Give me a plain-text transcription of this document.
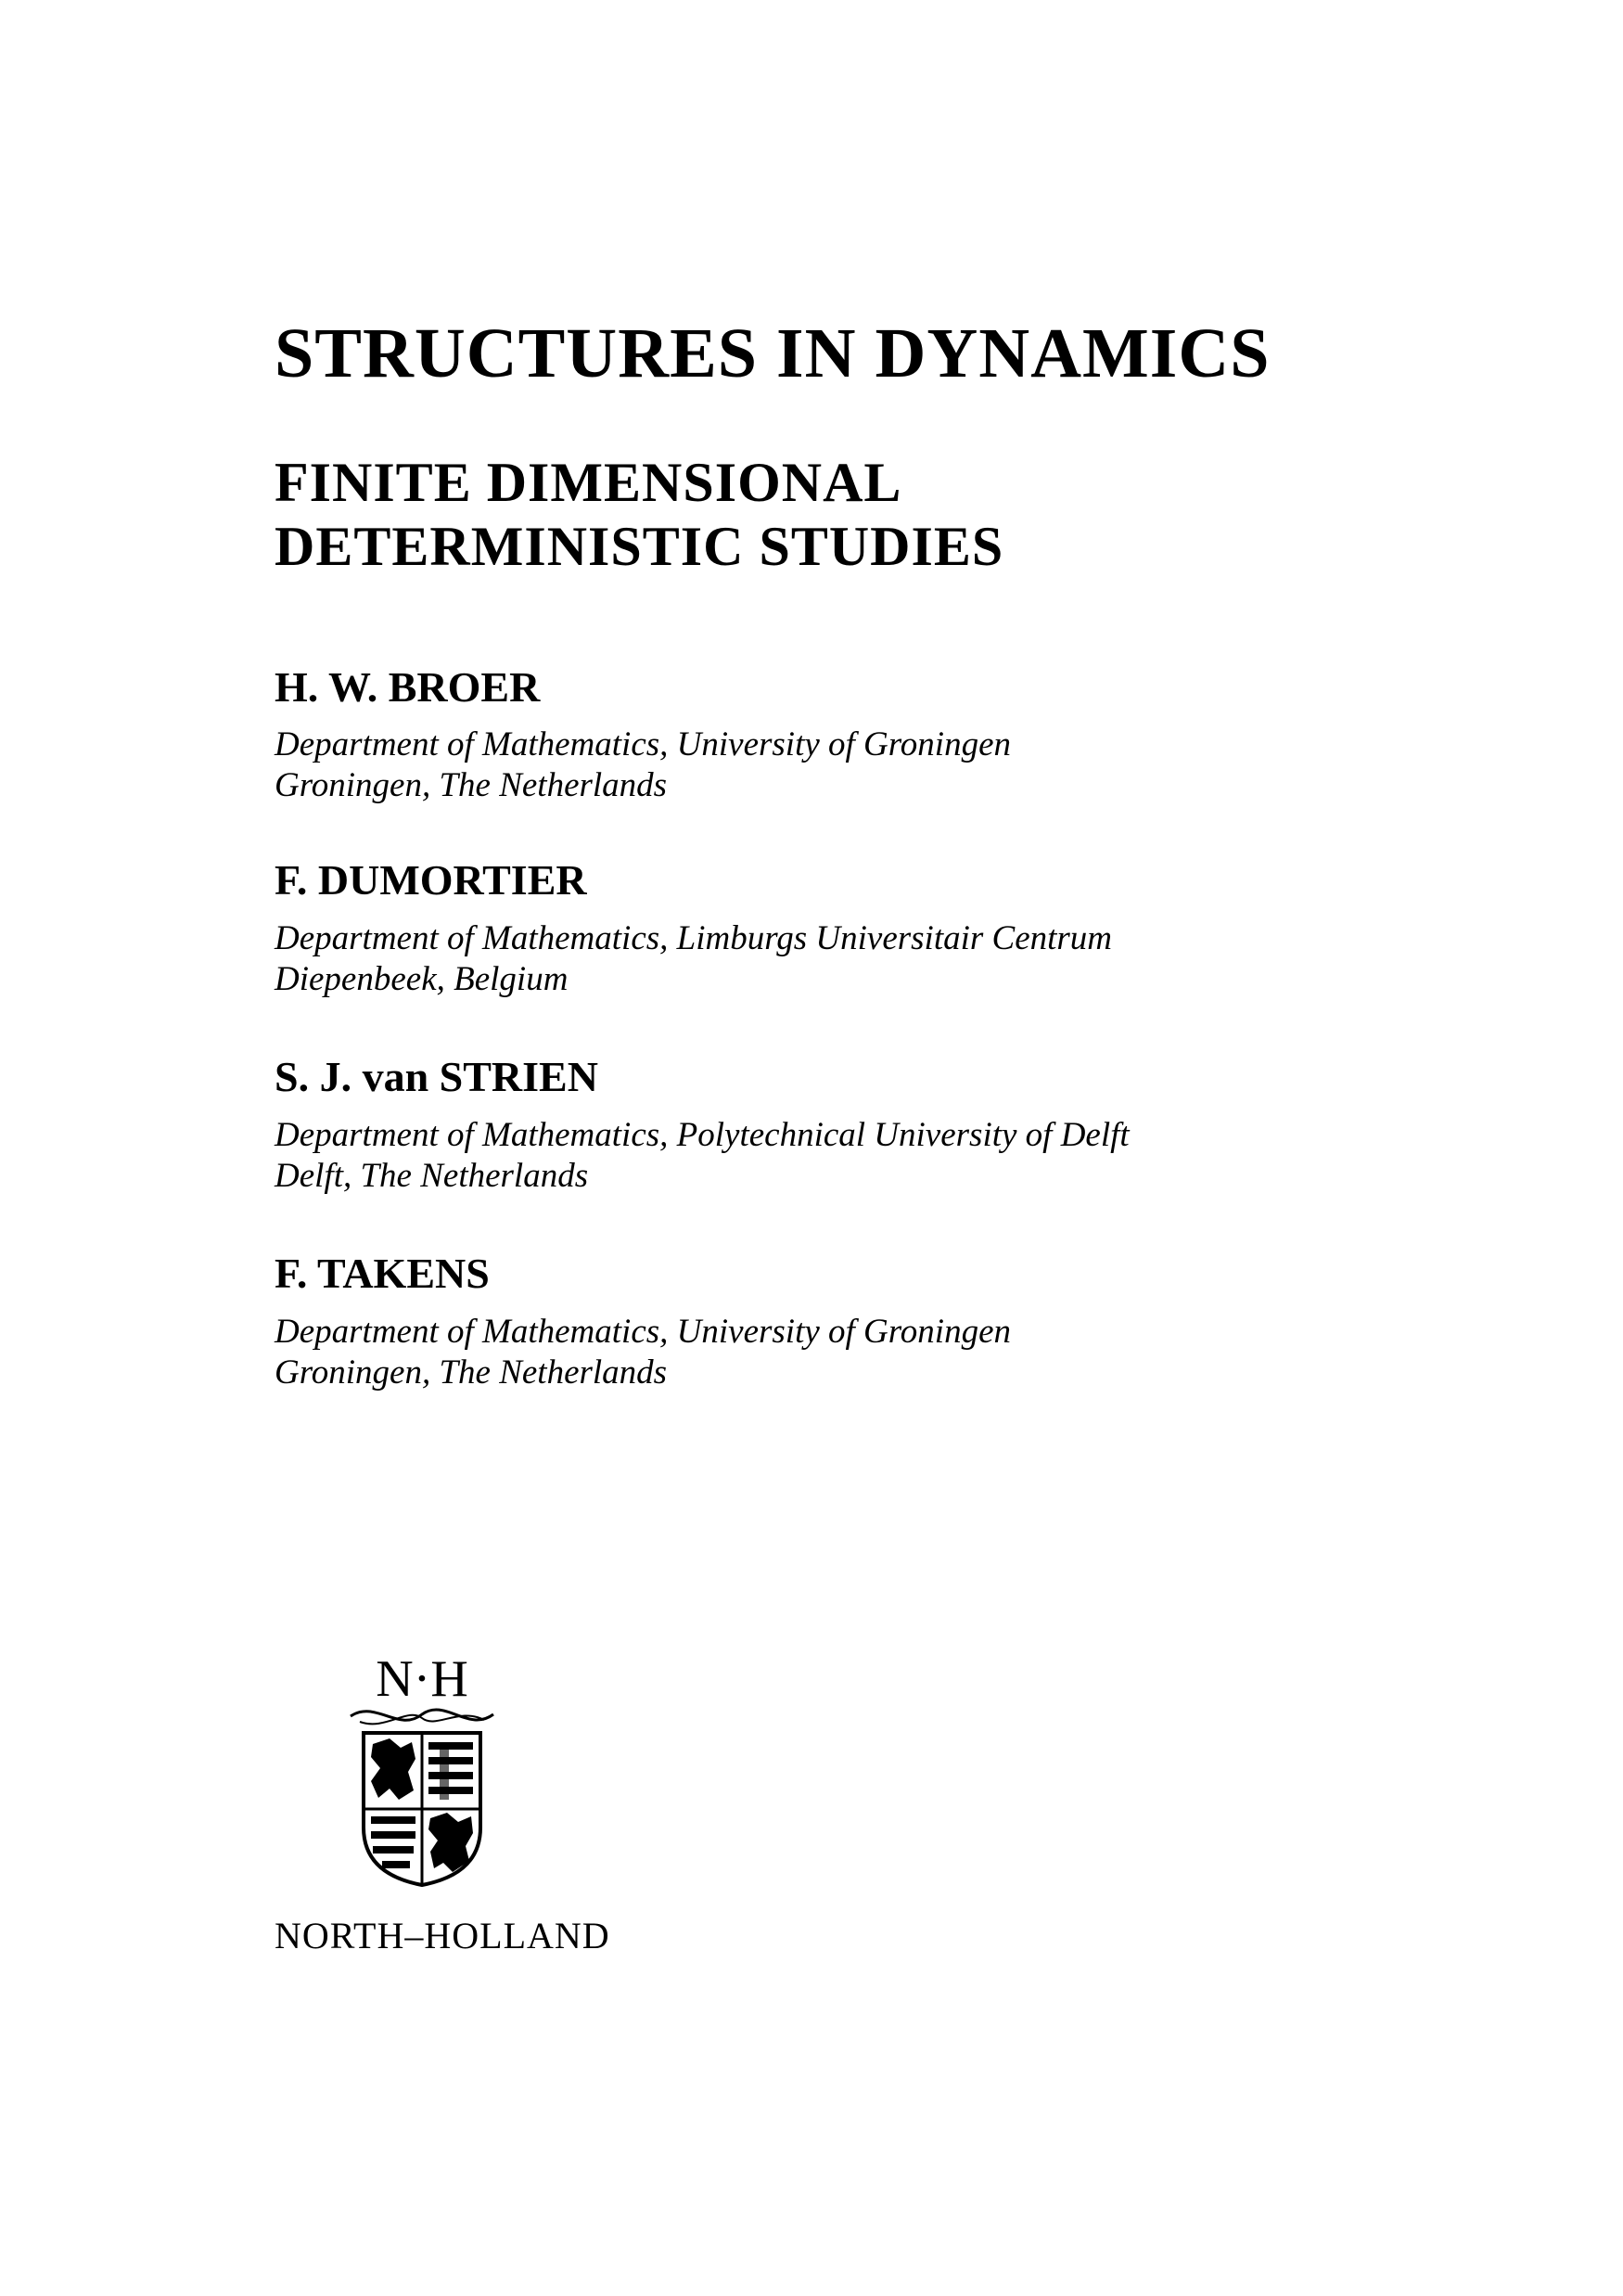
STRUCTURES IN DYNAMICS
FINITE DIMENSIONAL
DETERMINISTIC STUDIES
H. W. BROER
Department of Mathematics, University of Groningen
Groningen, The Netherlands
F. DUMORTIER
Department of Mathematics, Limburgs Universitair Centrum
Diepenbeek, Belgium
S. J. van STRIEN
Department of Mathematics, Polytechnical University of Delft
Delft, The Netherlands
F. TAKENS
Department of Mathematics, University of Groningen
Groningen, The Netherlands
N·H
NORTH–HOLLAND
